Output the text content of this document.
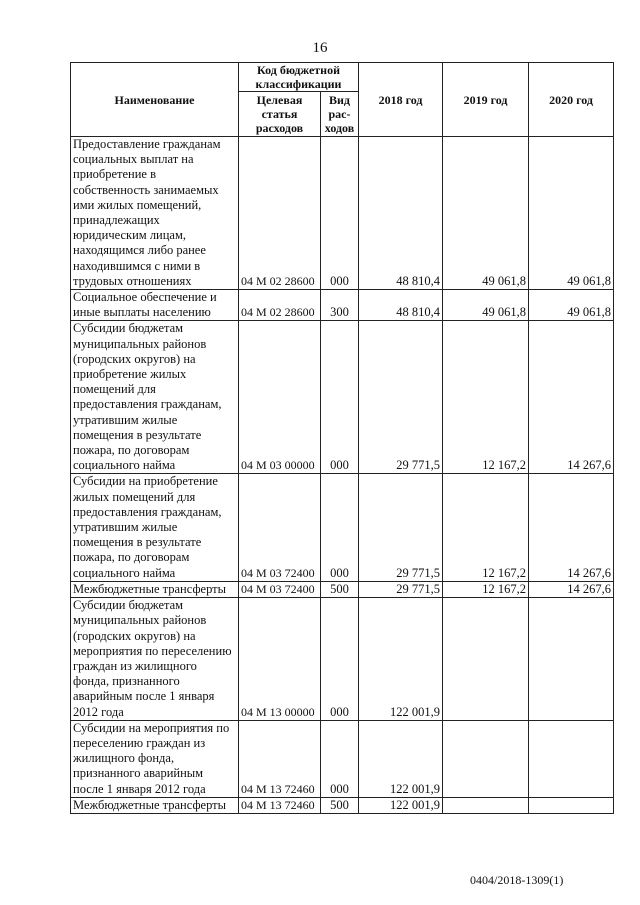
16
Наименование	Код бюджетной классификации		2018 год	2019 год	2020 год
	Целевая статья расходов	Вид рас-ходов			
Предоставление гражданам социальных выплат на приобретение в собственность занимаемых ими жилых помещений, принадлежащих юридическим лицам, находящимся либо ранее находившимся с ними в трудовых отношениях	04 М 02 28600	000	48 810,4	49 061,8	49 061,8
Социальное обеспечение и иные выплаты населению	04 М 02 28600	300	48 810,4	49 061,8	49 061,8
Субсидии бюджетам муниципальных районов (городских округов) на приобретение жилых помещений для предоставления гражданам, утратившим жилые помещения в результате пожара, по договорам социального найма	04 М 03 00000	000	29 771,5	12 167,2	14 267,6
Субсидии на приобретение жилых помещений для предоставления гражданам, утратившим жилые помещения в результате пожара, по договорам социального найма	04 М 03 72400	000	29 771,5	12 167,2	14 267,6
Межбюджетные трансферты	04 М 03 72400	500	29 771,5	12 167,2	14 267,6
Субсидии бюджетам муниципальных районов (городских округов) на мероприятия по переселению граждан из жилищного фонда, признанного аварийным после 1 января 2012 года	04 М 13 00000	000	122 001,9		
Субсидии на мероприятия по переселению граждан из жилищного фонда, признанного аварийным после 1 января 2012 года	04 М 13 72460	000	122 001,9		
Межбюджетные трансферты	04 М 13 72460	500	122 001,9		
0404/2018-1309(1)
